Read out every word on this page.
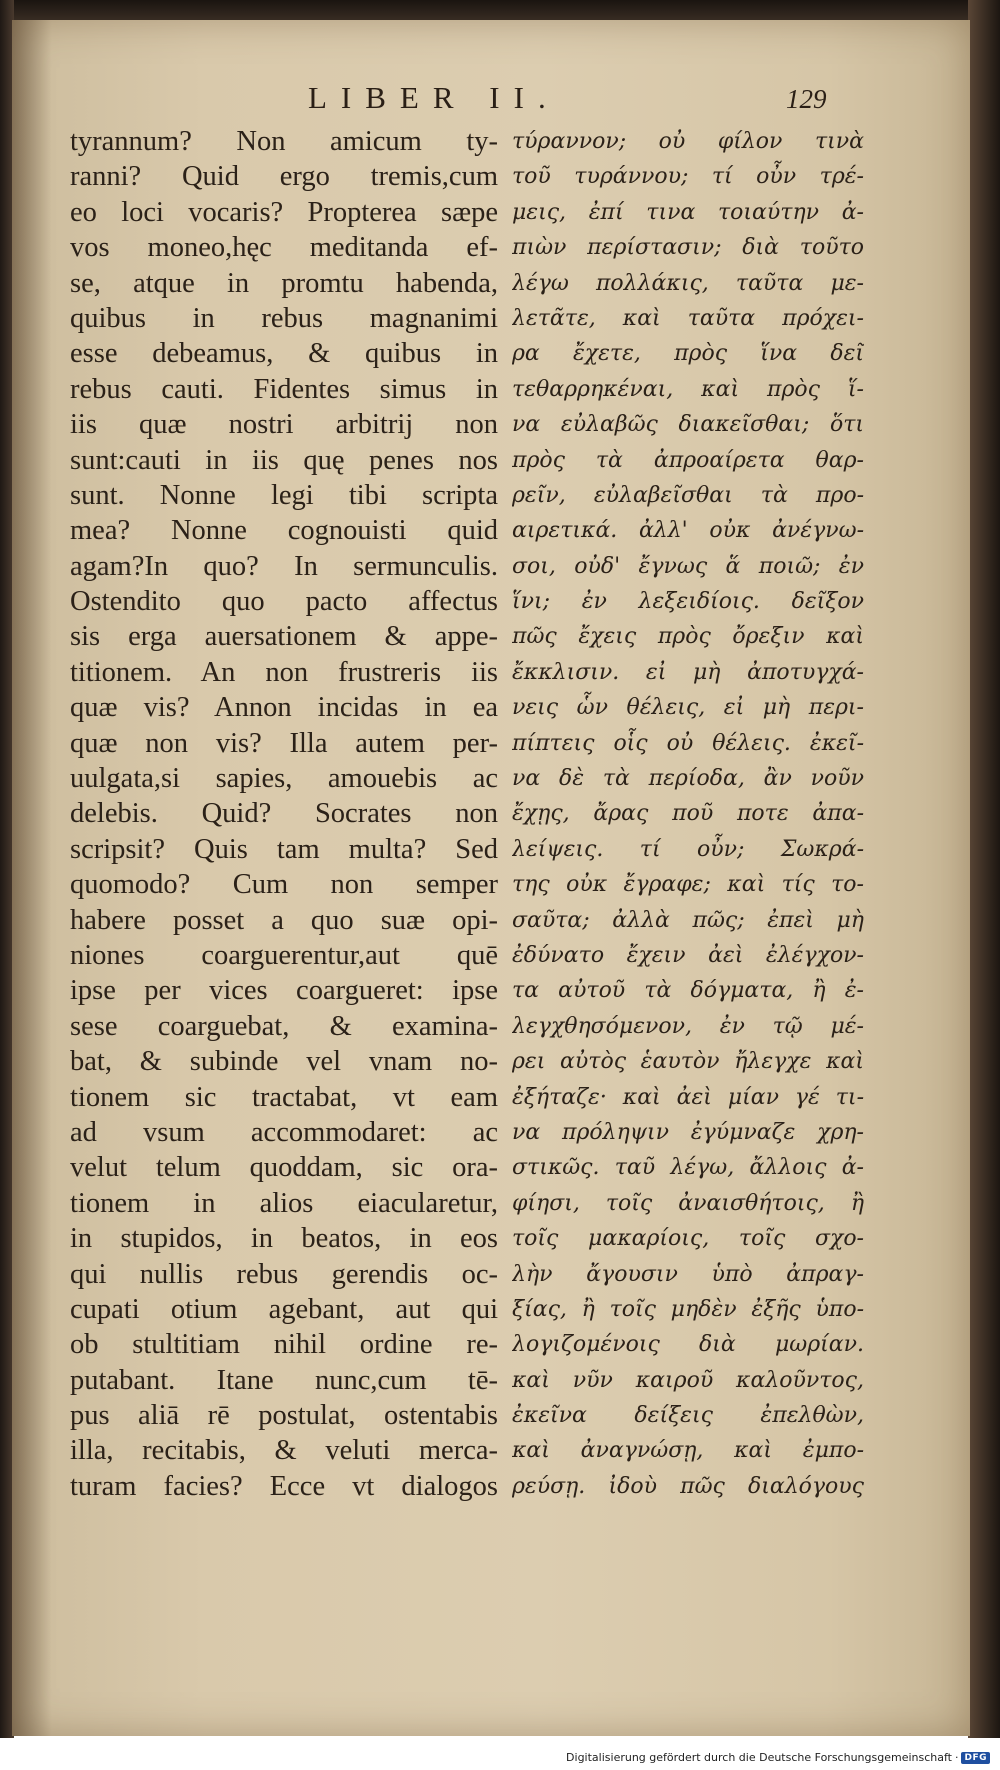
LIBER II.	129
tyrannum? Non amicum ty-
ranni? Quid ergo tremis,cum
eo loci vocaris? Propterea sæpe
vos moneo,hęc meditanda ef-
se, atque in promtu habenda,
quibus in rebus magnanimi
esse debeamus, & quibus in
rebus cauti. Fidentes simus in
iis quæ nostri arbitrij non
sunt:cauti in iis quę penes nos
sunt. Nonne legi tibi scripta
mea? Nonne cognouisti quid
agam?In quo? In sermunculis.
Ostendito quo pacto affectus
sis erga auersationem & appe-
titionem. An non frustreris iis
quæ vis? Annon incidas in ea
quæ non vis? Illa autem per-
uulgata,si sapies, amouebis ac
delebis. Quid? Socrates non
scripsit? Quis tam multa? Sed
quomodo? Cum non semper
habere posset a quo suæ opi-
niones coarguerentur,aut quē
ipse per vices coargueret: ipse
sese coarguebat, & examina-
bat, & subinde vel vnam no-
tionem sic tractabat, vt eam
ad vsum accommodaret: ac
velut telum quoddam, sic ora-
tionem in alios eiacularetur,
in stupidos, in beatos, in eos
qui nullis rebus gerendis oc-
cupati otium agebant, aut qui
ob stultitiam nihil ordine re-
putabant. Itane nunc,cum tē-
pus aliā rē postulat, ostentabis
illa, recitabis, & veluti merca-
turam facies? Ecce vt dialogos
τύραννον; οὐ φίλον τινὰ
τοῦ τυράννου; τί οὖν τρέ-
μεις, ἐπί τινα τοιαύτην ἀ-
πιὼν περίστασιν; διὰ τοῦτο
λέγω πολλάκις, ταῦτα με-
λετᾶτε, καὶ ταῦτα πρόχει-
ρα ἔχετε, πρὸς ἵνα δεῖ
τεθαρρηκέναι, καὶ πρὸς ἵ-
να εὐλαβῶς διακεῖσθαι; ὅτι
πρὸς τὰ ἀπροαίρετα θαρ-
ρεῖν, εὐλαβεῖσθαι τὰ προ-
αιρετικά. ἀλλ' οὐκ ἀνέγνω-
σοι, οὐδ' ἔγνως ἅ ποιῶ; ἐν
ἵνι; ἐν λεξειδίοις. δεῖξον
πῶς ἔχεις πρὸς ὄρεξιν καὶ
ἔκκλισιν. εἰ μὴ ἀποτυγχά-
νεις ὧν θέλεις, εἰ μὴ περι-
πίπτεις οἷς οὐ θέλεις. ἐκεῖ-
να δὲ τὰ περίοδα, ἂν νοῦν
ἔχῃς, ἄρας ποῦ ποτε ἀπα-
λείψεις. τί οὖν; Σωκρά-
της οὐκ ἔγραφε; καὶ τίς το-
σαῦτα; ἀλλὰ πῶς; ἐπεὶ μὴ
ἐδύνατο ἔχειν ἀεὶ ἐλέγχον-
τα αὐτοῦ τὰ δόγματα, ἢ ἐ-
λεγχθησόμενον, ἐν τῷ μέ-
ρει αὐτὸς ἑαυτὸν ἤλεγχε καὶ
ἐξήταζε· καὶ ἀεὶ μίαν γέ τι-
να πρόληψιν ἐγύμναζε χρη-
στικῶς. ταῦ λέγω, ἄλλοις ἀ-
φίησι, τοῖς ἀναισθήτοις, ἢ
τοῖς μακαρίοις, τοῖς σχο-
λὴν ἄγουσιν ὑπὸ ἀπραγ-
ξίας, ἢ τοῖς μηδὲν ἐξῆς ὑπο-
λογιζομένοις διὰ μωρίαν.
καὶ νῦν καιροῦ καλοῦντος,
ἐκεῖνα δείξεις ἐπελθὼν,
καὶ ἀναγνώσῃ, καὶ ἐμπο-
ρεύσῃ. ἰδοὺ πῶς διαλόγους
Digitalisierung gefördert durch die Deutsche Forschungsgemeinschaft · DFG
